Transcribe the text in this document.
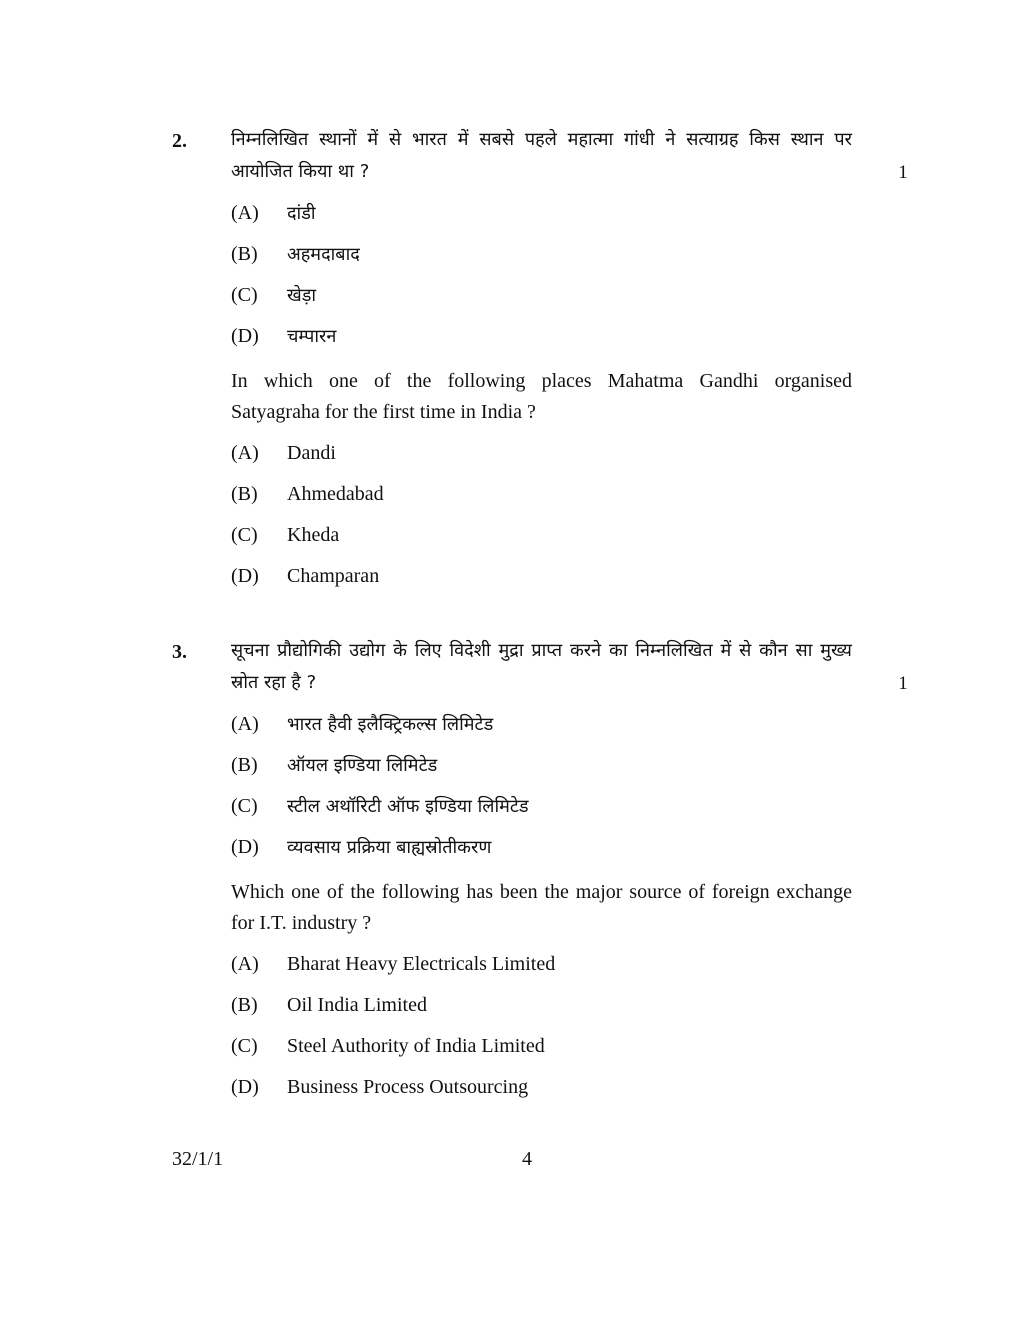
2. निम्नलिखित स्थानों में से भारत में सबसे पहले महात्मा गांधी ने सत्याग्रह किस स्थान पर
आयोजित किया था ?	1
(A) दांडी
(B) अहमदाबाद
(C) खेड़ा
(D) चम्पारन
In which one of the following places Mahatma Gandhi organised
Satyagraha for the first time in India ?
(A) Dandi
(B) Ahmedabad
(C) Kheda
(D) Champaran
3. सूचना प्रौद्योगिकी उद्योग के लिए विदेशी मुद्रा प्राप्त करने का निम्नलिखित में से कौन सा मुख्य
स्रोत रहा है ?	1
(A) भारत हैवी इलैक्ट्रिकल्स लिमिटेड
(B) ऑयल इण्डिया लिमिटेड
(C) स्टील अथॉरिटी ऑफ इण्डिया लिमिटेड
(D) व्यवसाय प्रक्रिया बाह्यस्रोतीकरण
Which one of the following has been the major source of foreign exchange
for I.T. industry ?
(A) Bharat Heavy Electricals Limited
(B) Oil India Limited
(C) Steel Authority of India Limited
(D) Business Process Outsourcing
32/1/1	4
